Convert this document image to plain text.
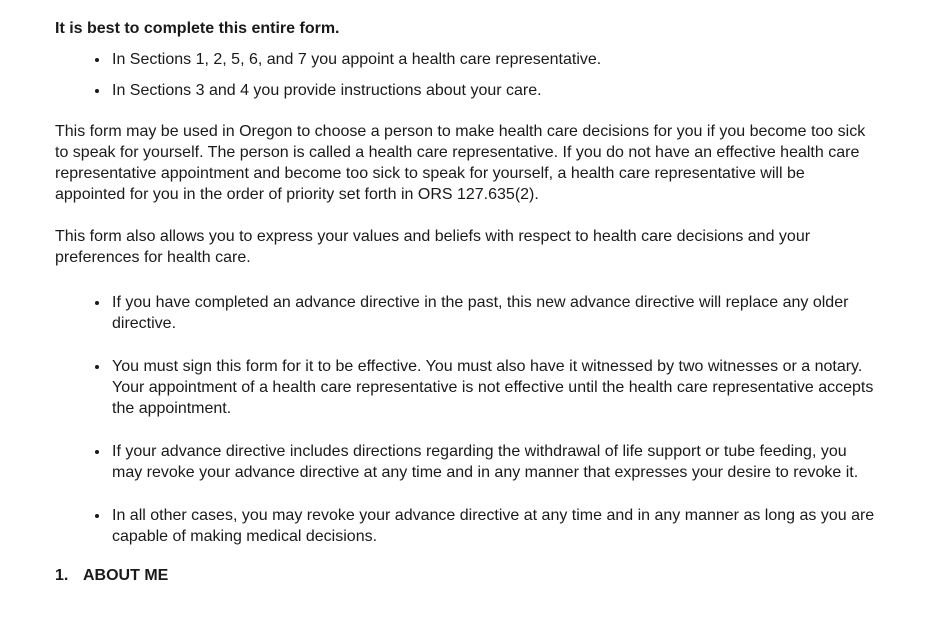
It is best to complete this entire form.
• In Sections 1, 2, 5, 6, and 7 you appoint a health care representative.
• In Sections 3 and 4 you provide instructions about your care.

This form may be used in Oregon to choose a person to make health care decisions for you if you become too sick to speak for yourself. The person is called a health care representative. If you do not have an effective health care representative appointment and become too sick to speak for yourself, a health care representative will be appointed for you in the order of priority set forth in ORS 127.635(2).

This form also allows you to express your values and beliefs with respect to health care decisions and your preferences for health care.

• If you have completed an advance directive in the past, this new advance directive will replace any older directive.
• You must sign this form for it to be effective. You must also have it witnessed by two witnesses or a notary. Your appointment of a health care representative is not effective until the health care representative accepts the appointment.
• If your advance directive includes directions regarding the withdrawal of life support or tube feeding, you may revoke your advance directive at any time and in any manner that expresses your desire to revoke it.
• In all other cases, you may revoke your advance directive at any time and in any manner as long as you are capable of making medical decisions.
1. ABOUT ME
